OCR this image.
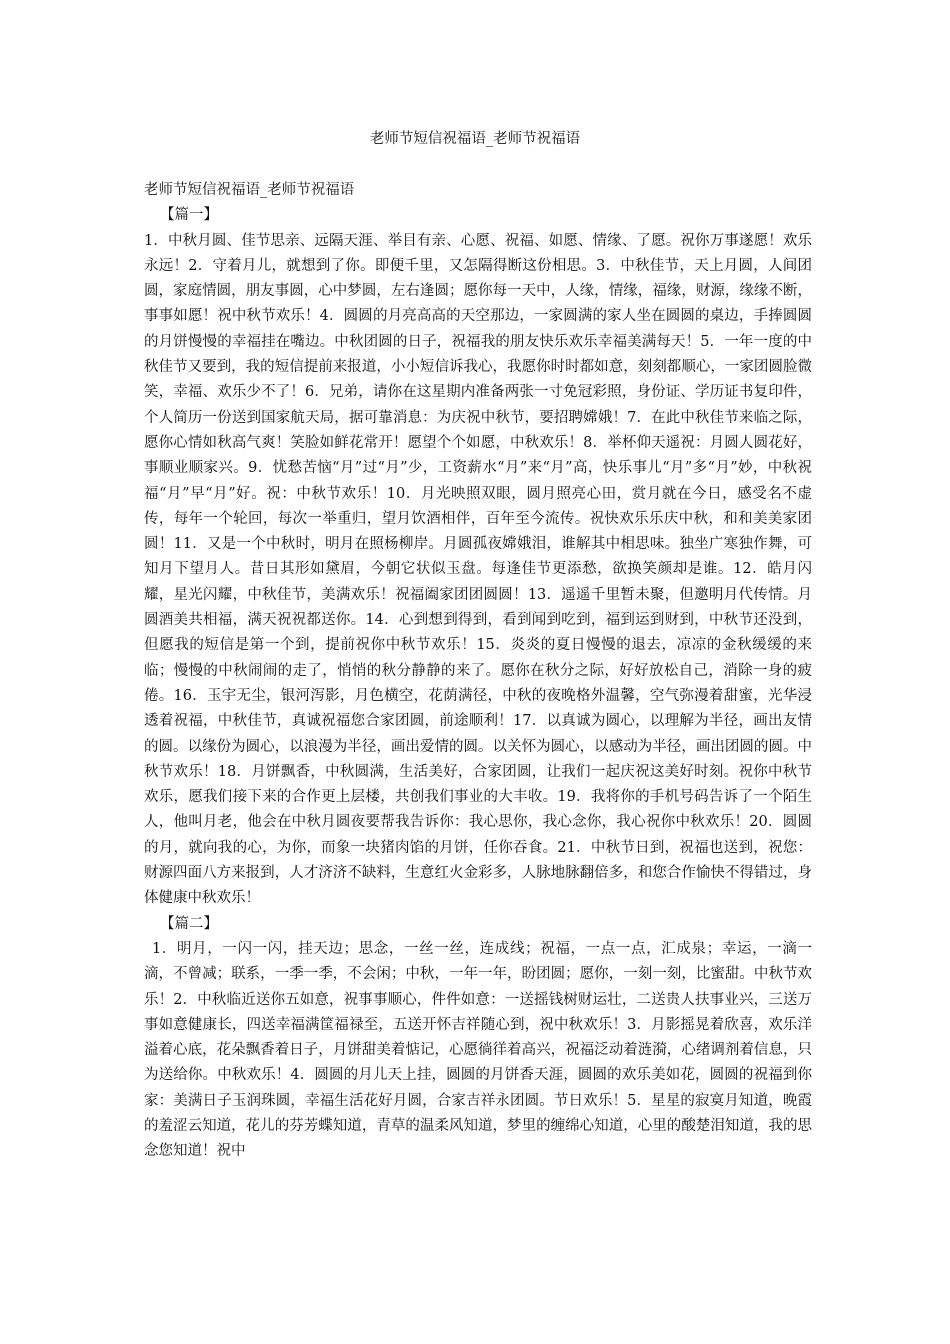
老师节短信祝福语_老师节祝福语

老师节短信祝福语_老师节祝福语

【篇一】

1．中秋月圆、佳节思亲、远隔天涯、举目有亲、心愿、祝福、如愿、情缘、了愿。祝你万事遂愿！欢乐永远！2．守着月儿，就想到了你。即便千里，又怎隔得断这份相思。3．中秋佳节，天上月圆，人间团圆，家庭情圆，朋友事圆，心中梦圆，左右逢圆；愿你每一天中，人缘，情缘，福缘，财源，缘缘不断，事事如愿！祝中秋节欢乐！4．圆圆的月亮高高的天空那边，一家圆满的家人坐在圆圆的桌边，手捧圆圆的月饼慢慢的幸福挂在嘴边。中秋团圆的日子，祝福我的朋友快乐欢乐幸福美满每天！5．一年一度的中秋佳节又要到，我的短信提前来报道，小小短信诉我心，我愿你时时都如意，刻刻都顺心，一家团圆脸微笑，幸福、欢乐少不了！6．兄弟，请你在这星期内准备两张一寸免冠彩照，身份证、学历证书复印件，个人简历一份送到国家航天局，据可靠消息：为庆祝中秋节，要招聘嫦娥！7．在此中秋佳节来临之际，愿你心情如秋高气爽！笑脸如鲜花常开！愿望个个如愿，中秋欢乐！8．举杯仰天遥祝：月圆人圆花好，事顺业顺家兴。9．忧愁苦恼“月”过“月”少，工资薪水“月”来“月”高，快乐事儿“月”多“月”妙，中秋祝福“月”早“月”好。祝：中秋节欢乐！10．月光映照双眼，圆月照亮心田，赏月就在今日，感受名不虚传，每年一个轮回，每次一举重归，望月饮酒相伴，百年至今流传。祝快欢乐乐庆中秋，和和美美家团圆！11．又是一个中秋时，明月在照杨柳岸。月圆孤夜嫦娥泪，谁解其中相思味。独坐广寒独作舞，可知月下望月人。昔日其形如黛眉，今朝它状似玉盘。每逢佳节更添愁，欲换笑颜却是谁。12．皓月闪耀，星光闪耀，中秋佳节，美满欢乐！祝福阖家团团圆圆！13．遥遥千里暂未聚，但邀明月代传情。月圆酒美共相福，满天祝祝都送你。14．心到想到得到，看到闻到吃到，福到运到财到，中秋节还没到，但愿我的短信是第一个到，提前祝你中秋节欢乐！15．炎炎的夏日慢慢的退去，凉凉的金秋缓缓的来临；慢慢的中秋闹闹的走了，悄悄的秋分静静的来了。愿你在秋分之际，好好放松自己，消除一身的疲倦。16．玉宇无尘，银河泻影，月色横空，花荫满径，中秋的夜晚格外温馨，空气弥漫着甜蜜，光华浸透着祝福，中秋佳节，真诚祝福您合家团圆，前途顺利！17．以真诚为圆心，以理解为半径，画出友情的圆。以缘份为圆心，以浪漫为半径，画出爱情的圆。以关怀为圆心，以感动为半径，画出团圆的圆。中秋节欢乐！18．月饼飘香，中秋圆满，生活美好，合家团圆，让我们一起庆祝这美好时刻。祝你中秋节欢乐，愿我们接下来的合作更上层楼，共创我们事业的大丰收。19．我将你的手机号码告诉了一个陌生人，他叫月老，他会在中秋月圆夜要帮我告诉你：我心思你，我心念你，我心祝你中秋欢乐！20．圆圆的月，就向我的心，为你，而象一块猪肉馅的月饼，任你吞食。21．中秋节日到，祝福也送到，祝您：财源四面八方来报到，人才济济不缺料，生意红火金彩多，人脉地脉翻倍多，和您合作愉快不得错过，身体健康中秋欢乐！

【篇二】

1．明月，一闪一闪，挂天边；思念，一丝一丝，连成线；祝福，一点一点，汇成泉；幸运，一滴一滴，不曾减；联系，一季一季，不会闲；中秋，一年一年，盼团圆；愿你，一刻一刻，比蜜甜。中秋节欢乐！2．中秋临近送你五如意，祝事事顺心，件件如意：一送摇钱树财运壮，二送贵人扶事业兴，三送万事如意健康长，四送幸福满筐福禄至，五送开怀吉祥随心到，祝中秋欢乐！3．月影摇晃着欣喜，欢乐洋溢着心底，花朵飘香着日子，月饼甜美着惦记，心愿徜徉着高兴，祝福泛动着涟漪，心绪调剂着信息，只为送给你。中秋欢乐！4．圆圆的月儿天上挂，圆圆的月饼香天涯，圆圆的欢乐美如花，圆圆的祝福到你家：美满日子玉润珠圆，幸福生活花好月圆，合家吉祥永团圆。节日欢乐！5．星星的寂寞月知道，晚霞的羞涩云知道，花儿的芬芳蝶知道，青草的温柔风知道，梦里的缠绵心知道，心里的酸楚泪知道，我的思念您知道！祝中
